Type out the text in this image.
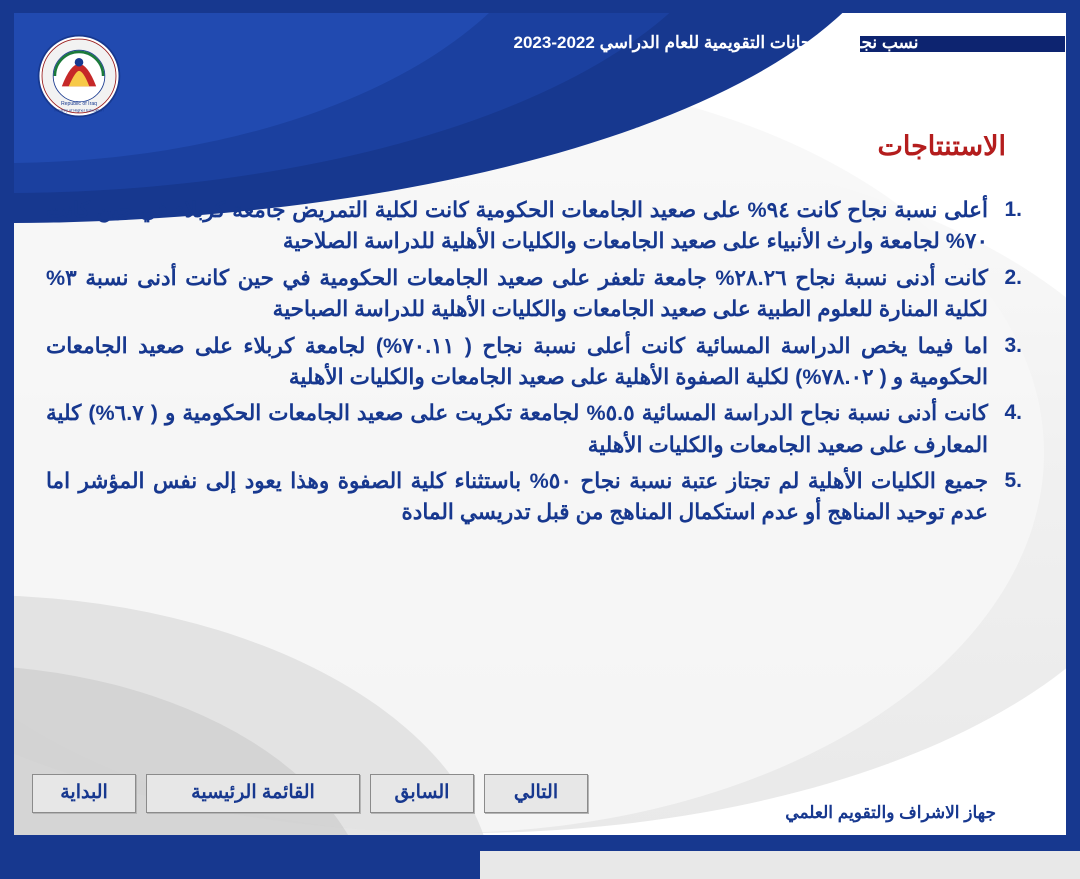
Republic of Iraq
Ministry of Higher Education
نسب نجاح الامتحانات التقويمية للعام الدراسي 2022-2023
الاستنتاجات
أعلى نسبة نجاح كانت ٩٤% على صعيد الجامعات الحكومية كانت لكلية التمريض جامعة كربلاء في حين كانت ٧٠% لجامعة وارث الأنبياء على صعيد الجامعات والكليات الأهلية للدراسة الصلاحية
كانت أدنى نسبة نجاح ٢٨.٢٦% جامعة تلعفر على صعيد الجامعات الحكومية في حين كانت أدنى نسبة ٣% لكلية المنارة للعلوم الطبية على صعيد الجامعات والكليات الأهلية للدراسة الصباحية
اما فيما يخص الدراسة المسائية كانت أعلى نسبة نجاح ( ٧٠.١١%) لجامعة كربلاء على صعيد الجامعات الحكومية و ( ٧٨.٠٢%) لكلية الصفوة الأهلية على صعيد الجامعات والكليات الأهلية
كانت أدنى نسبة نجاح الدراسة المسائية ٥.٥% لجامعة تكريت على صعيد الجامعات الحكومية و ( ٦.٧%) كلية المعارف على صعيد الجامعات والكليات الأهلية
جميع الكليات الأهلية لم تجتاز عتبة نسبة نجاح ٥٠% باستثناء كلية الصفوة وهذا يعود إلى نفس المؤشر اما عدم توحيد المناهج أو عدم استكمال المناهج من قبل تدريسي المادة
التالي
السابق
القائمة الرئيسية
البداية
جهاز الاشراف والتقويم العلمي
